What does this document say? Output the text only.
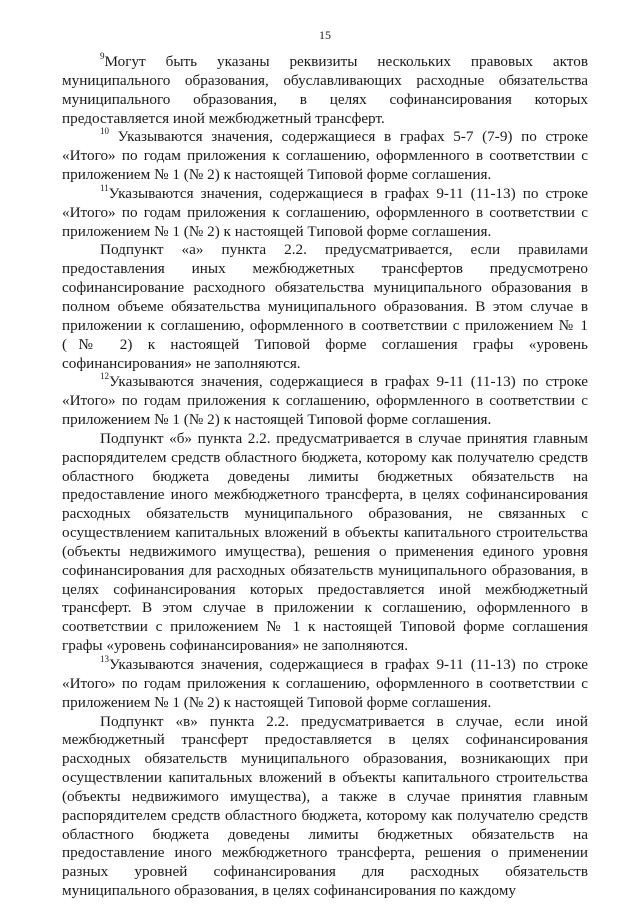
15

$^9$Могут быть указаны реквизиты нескольких правовых актов муниципального образования, обуславливающих расходные обязательства муниципального образования, в целях софинансирования которых предоставляется иной межбюджетный трансферт.

$^{10}$ Указываются значения, содержащиеся в графах 5-7 (7-9) по строке «Итого» по годам приложения к соглашению, оформленного в соответствии с приложением № 1 (№ 2) к настоящей Типовой форме соглашения.

$^{11}$Указываются значения, содержащиеся в графах 9-11 (11-13) по строке «Итого» по годам приложения к соглашению, оформленного в соответствии с приложением № 1 (№ 2) к настоящей Типовой форме соглашения.

Подпункт «а» пункта 2.2. предусматривается, если правилами предоставления иных межбюджетных трансфертов предусмотрено софинансирование расходного обязательства муниципального образования в полном объеме обязательства муниципального образования. В этом случае в приложении к соглашению, оформленного в соответствии с приложением № 1 (№ 2) к настоящей Типовой форме соглашения графы «уровень софинансирования» не заполняются.

$^{12}$Указываются значения, содержащиеся в графах 9-11 (11-13) по строке «Итого» по годам приложения к соглашению, оформленного в соответствии с приложением № 1 (№ 2) к настоящей Типовой форме соглашения.

Подпункт «б» пункта 2.2. предусматривается в случае принятия главным распорядителем средств областного бюджета, которому как получателю средств областного бюджета доведены лимиты бюджетных обязательств на предоставление иного межбюджетного трансферта, в целях софинансирования расходных обязательств муниципального образования, не связанных с осуществлением капитальных вложений в объекты капитального строительства (объекты недвижимого имущества), решения о применения единого уровня софинансирования для расходных обязательств муниципального образования, в целях софинансирования которых предоставляется иной межбюджетный трансферт. В этом случае в приложении к соглашению, оформленного в соответствии с приложением № 1 к настоящей Типовой форме соглашения графы «уровень софинансирования» не заполняются.

$^{13}$Указываются значения, содержащиеся в графах 9-11 (11-13) по строке «Итого» по годам приложения к соглашению, оформленного в соответствии с приложением № 1 (№ 2) к настоящей Типовой форме соглашения.

Подпункт «в» пункта 2.2. предусматривается в случае, если иной межбюджетный трансферт предоставляется в целях софинансирования расходных обязательств муниципального образования, возникающих при осуществлении капитальных вложений в объекты капитального строительства (объекты недвижимого имущества), а также в случае принятия главным распорядителем средств областного бюджета, которому как получателю средств областного бюджета доведены лимиты бюджетных обязательств на предоставление иного межбюджетного трансферта, решения о применении разных уровней софинансирования для расходных обязательств муниципального образования, в целях софинансирования по каждому
